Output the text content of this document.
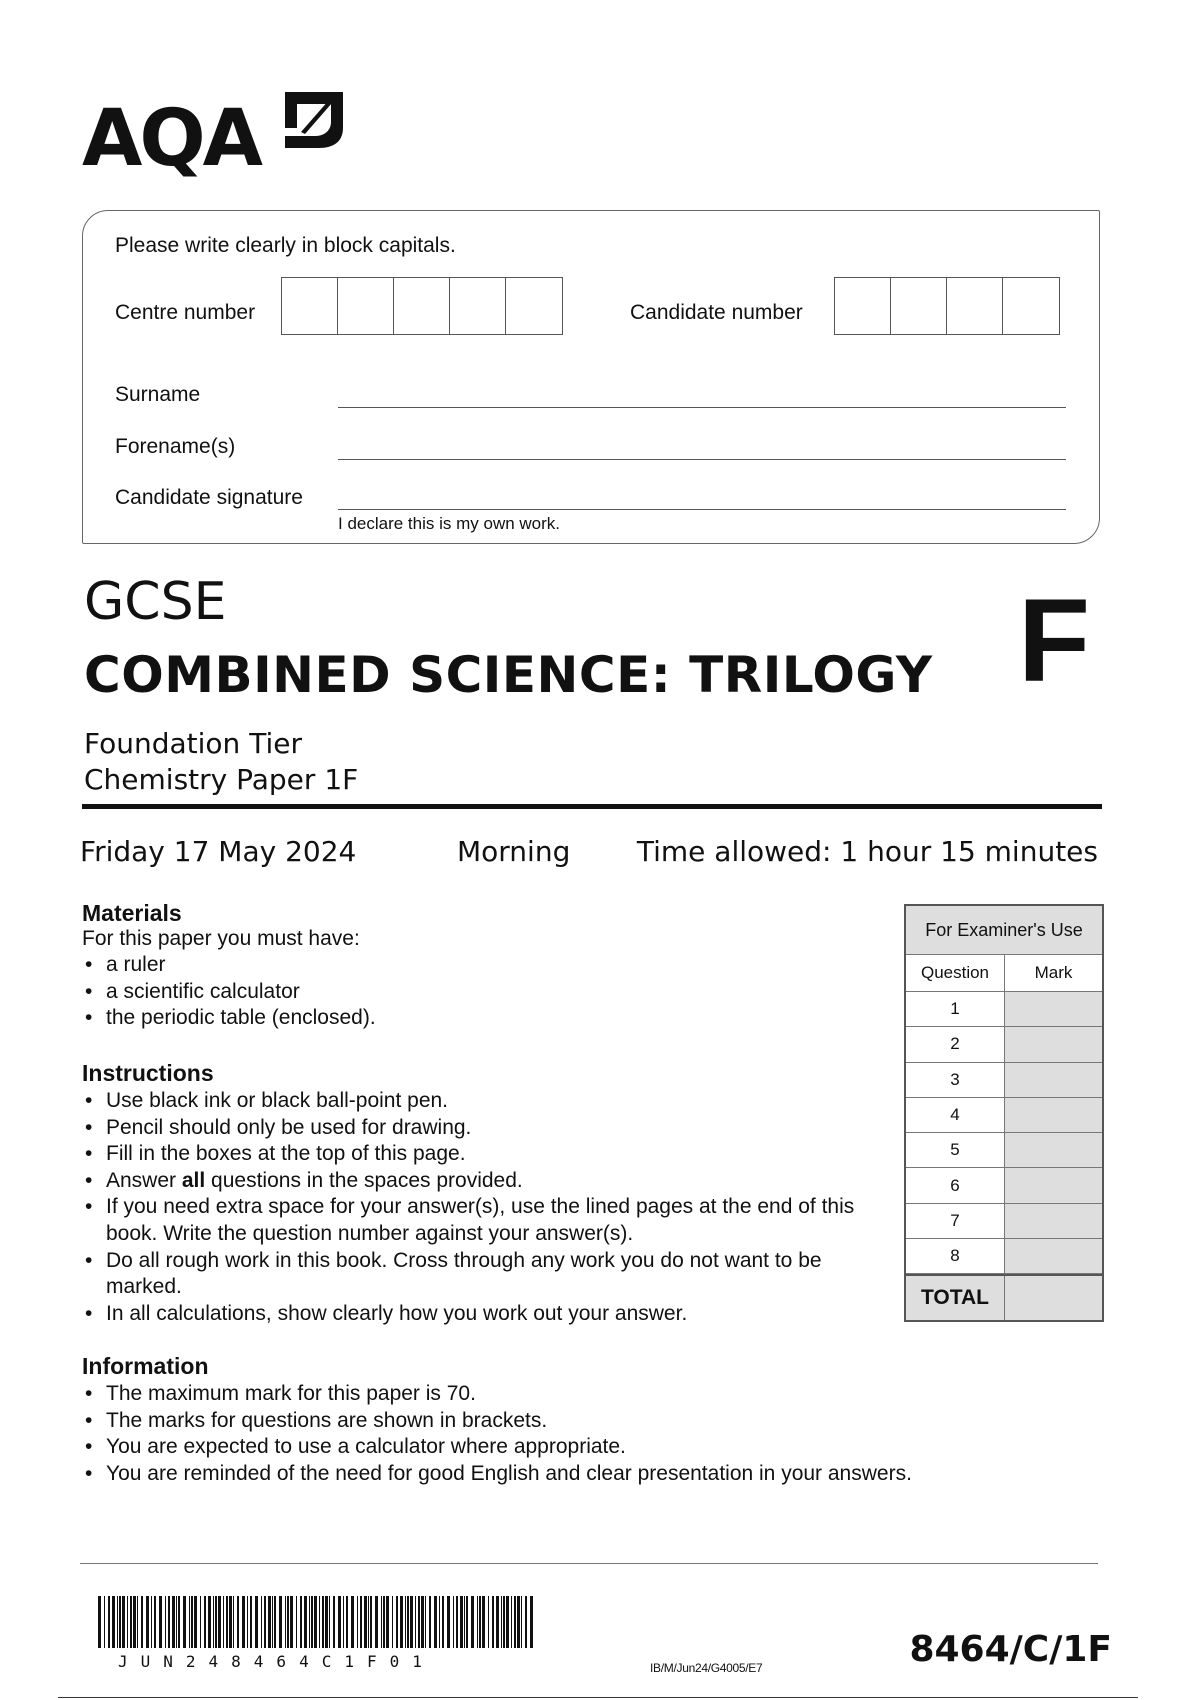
AQA
Please write clearly in block capitals.
Centre number	Candidate number
Surname
Forename(s)
Candidate signature
I declare this is my own work.
GCSE
COMBINED SCIENCE: TRILOGY F
Foundation Tier
Chemistry Paper 1F
Friday 17 May 2024	Morning Time allowed: 1 hour 15 minutes
Materials
For this paper you must have:
• a ruler
• a scientific calculator
• the periodic table (enclosed).
Instructions
• Use black ink or black ball-point pen.
• Pencil should only be used for drawing.
• Fill in the boxes at the top of this page.
• Answer all questions in the spaces provided.
• If you need extra space for your answer(s), use the lined pages at the end of this book. Write the question number against your answer(s).
• Do all rough work in this book. Cross through any work you do not want to be marked.
• In all calculations, show clearly how you work out your answer.
Information
• The maximum mark for this paper is 70.
• The marks for questions are shown in brackets.
• You are expected to use a calculator where appropriate.
• You are reminded of the need for good English and clear presentation in your answers.
For Examiner's Use
Question	Mark
1
2
3
4
5
6
7
8
TOTAL
JUN248464C1F01	IB/M/Jun24/G4005/E7	8464/C/1F
